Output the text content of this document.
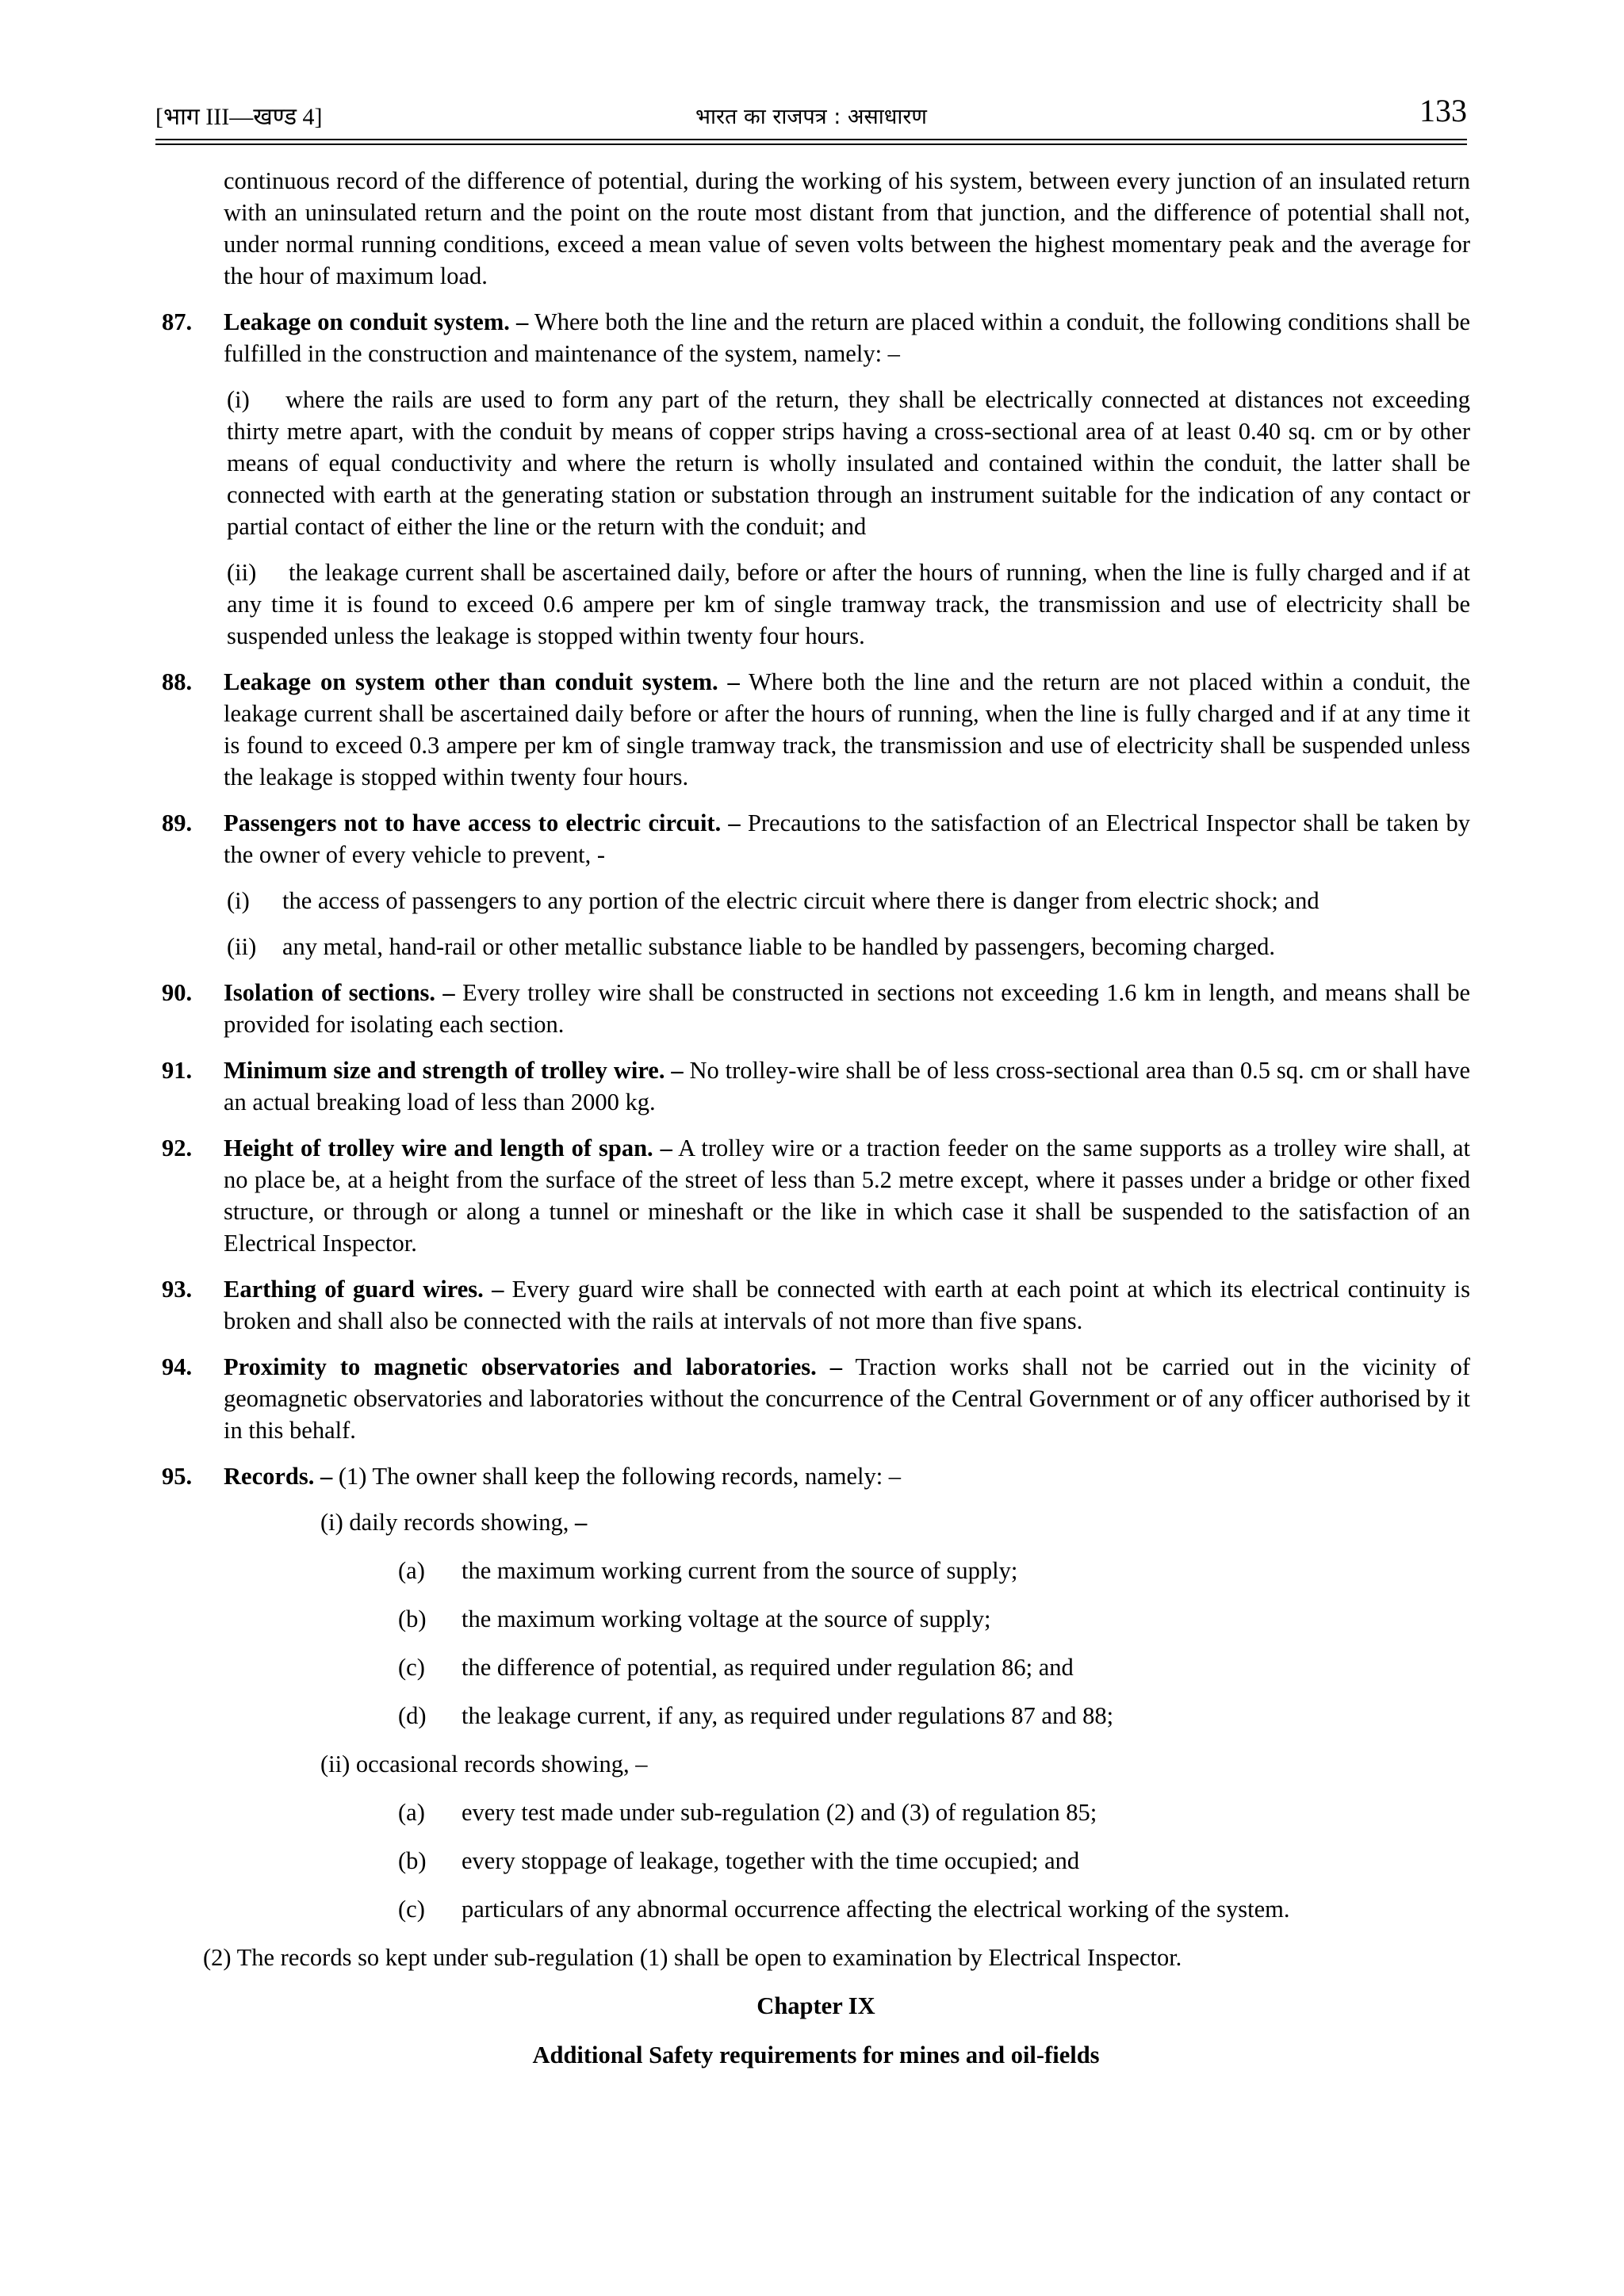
[भाग III—खण्ड 4]	भारत का राजपत्र : असाधारण	133

continuous record of the difference of potential, during the working of his system, between every junction of an insulated return with an uninsulated return and the point on the route most distant from that junction, and the difference of potential shall not, under normal running conditions, exceed a mean value of seven volts between the highest momentary peak and the average for the hour of maximum load.

87. Leakage on conduit system. – Where both the line and the return are placed within a conduit, the following conditions shall be fulfilled in the construction and maintenance of the system, namely: –

(i) where the rails are used to form any part of the return, they shall be electrically connected at distances not exceeding thirty metre apart, with the conduit by means of copper strips having a cross-sectional area of at least 0.40 sq. cm or by other means of equal conductivity and where the return is wholly insulated and contained within the conduit, the latter shall be connected with earth at the generating station or substation through an instrument suitable for the indication of any contact or partial contact of either the line or the return with the conduit; and

(ii) the leakage current shall be ascertained daily, before or after the hours of running, when the line is fully charged and if at any time it is found to exceed 0.6 ampere per km of single tramway track, the transmission and use of electricity shall be suspended unless the leakage is stopped within twenty four hours.

88. Leakage on system other than conduit system. – Where both the line and the return are not placed within a conduit, the leakage current shall be ascertained daily before or after the hours of running, when the line is fully charged and if at any time it is found to exceed 0.3 ampere per km of single tramway track, the transmission and use of electricity shall be suspended unless the leakage is stopped within twenty four hours.

89. Passengers not to have access to electric circuit. – Precautions to the satisfaction of an Electrical Inspector shall be taken by the owner of every vehicle to prevent, -

(i) the access of passengers to any portion of the electric circuit where there is danger from electric shock; and

(ii) any metal, hand-rail or other metallic substance liable to be handled by passengers, becoming charged.

90. Isolation of sections. – Every trolley wire shall be constructed in sections not exceeding 1.6 km in length, and means shall be provided for isolating each section.

91. Minimum size and strength of trolley wire. – No trolley-wire shall be of less cross-sectional area than 0.5 sq. cm or shall have an actual breaking load of less than 2000 kg.

92. Height of trolley wire and length of span. – A trolley wire or a traction feeder on the same supports as a trolley wire shall, at no place be, at a height from the surface of the street of less than 5.2 metre except, where it passes under a bridge or other fixed structure, or through or along a tunnel or mineshaft or the like in which case it shall be suspended to the satisfaction of an Electrical Inspector.

93. Earthing of guard wires. – Every guard wire shall be connected with earth at each point at which its electrical continuity is broken and shall also be connected with the rails at intervals of not more than five spans.

94. Proximity to magnetic observatories and laboratories. – Traction works shall not be carried out in the vicinity of geomagnetic observatories and laboratories without the concurrence of the Central Government or of any officer authorised by it in this behalf.

95. Records. – (1) The owner shall keep the following records, namely: –

(i) daily records showing, –

(a) the maximum working current from the source of supply;

(b) the maximum working voltage at the source of supply;

(c) the difference of potential, as required under regulation 86; and

(d) the leakage current, if any, as required under regulations 87 and 88;

(ii) occasional records showing, –

(a) every test made under sub-regulation (2) and (3) of regulation 85;

(b) every stoppage of leakage, together with the time occupied; and

(c) particulars of any abnormal occurrence affecting the electrical working of the system.

(2) The records so kept under sub-regulation (1) shall be open to examination by Electrical Inspector.

Chapter IX

Additional Safety requirements for mines and oil-fields
